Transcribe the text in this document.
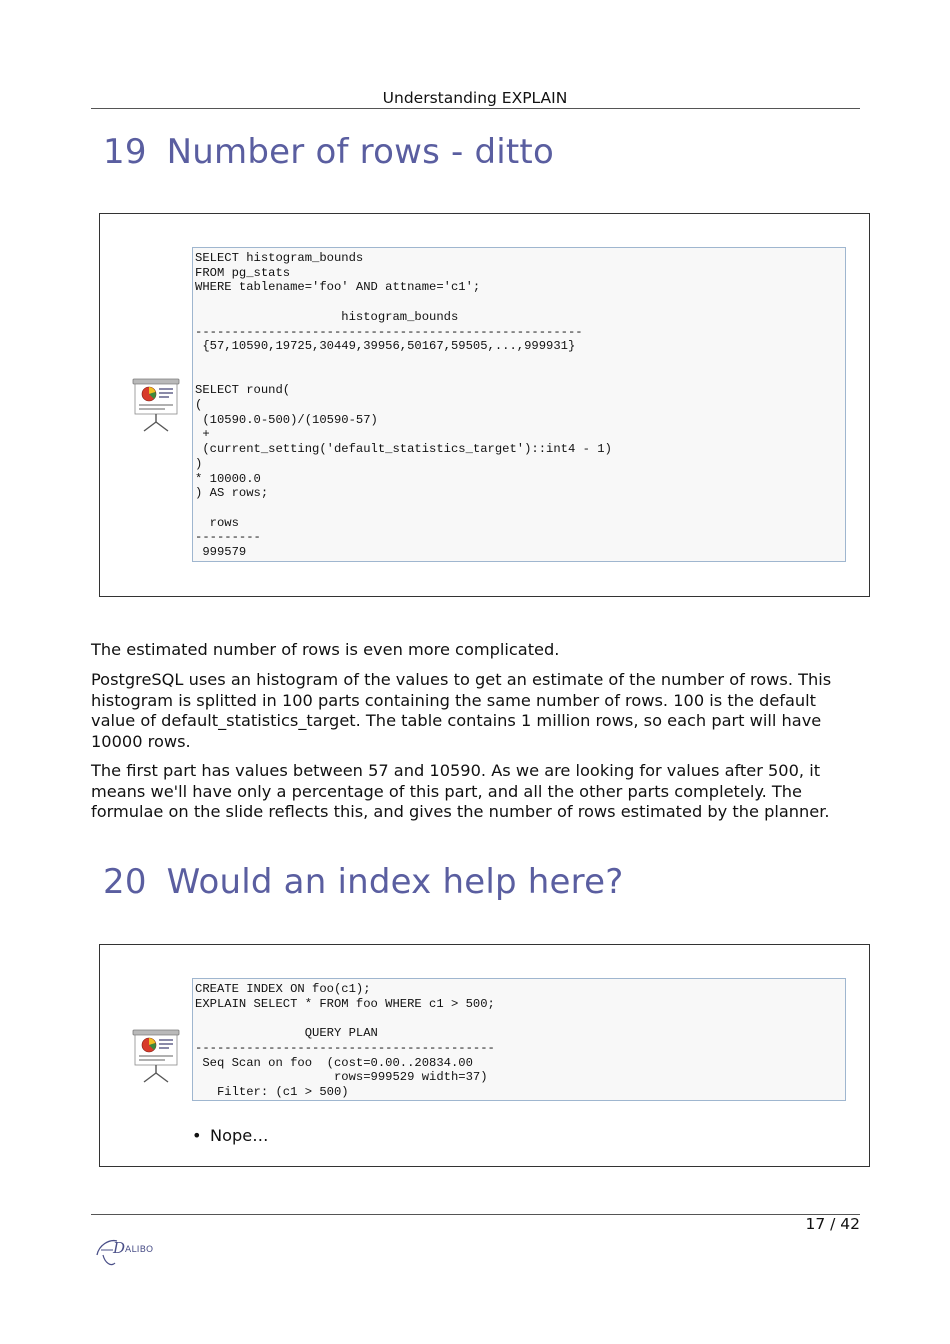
Understanding EXPLAIN
19 Number of rows - ditto
SELECT histogram_bounds
FROM pg_stats
WHERE tablename='foo' AND attname='c1';

histogram_bounds
-----------------------------------------------------
{57,10590,19725,30449,39956,50167,59505,...,999931}

SELECT round(
(
(10590.0-500)/(10590-57)
+
(current_setting('default_statistics_target')::int4 - 1)
)
* 10000.0
) AS rows;

rows
---------
999579

The estimated number of rows is even more complicated.

PostgreSQL uses an histogram of the values to get an estimate of the number of rows. This histogram is splitted in 100 parts containing the same number of rows. 100 is the default value of default_statistics_target. The table contains 1 million rows, so each part will have 10000 rows.

The first part has values between 57 and 10590. As we are looking for values after 500, it means we'll have only a percentage of this part, and all the other parts completely. The formulae on the slide reflects this, and gives the number of rows estimated by the planner.

20 Would an index help here?
CREATE INDEX ON foo(c1);
EXPLAIN SELECT * FROM foo WHERE c1 > 500;

QUERY PLAN
-----------------------------------------
Seq Scan on foo  (cost=0.00..20834.00
rows=999529 width=37)
Filter: (c1 > 500)
• Nope…
17 / 42
D ALIBO
